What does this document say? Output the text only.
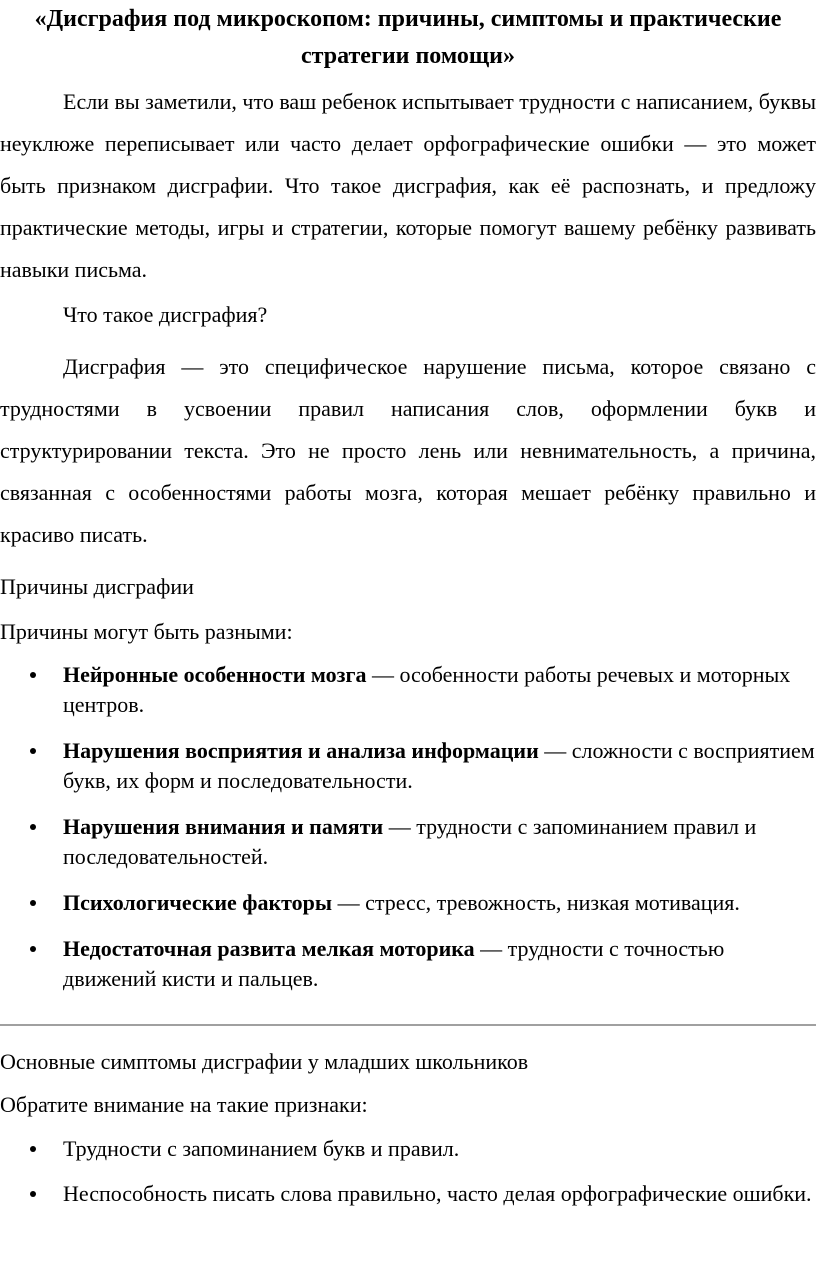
«Дисграфия под микроскопом: причины, симптомы и практические стратегии помощи»

Если вы заметили, что ваш ребенок испытывает трудности с написанием, буквы неуклюже переписывает или часто делает орфографические ошибки — это может быть признаком дисграфии. Что такое дисграфия, как её распознать, и предложу практические методы, игры и стратегии, которые помогут вашему ребёнку развивать навыки письма.

Что такое дисграфия?

Дисграфия — это специфическое нарушение письма, которое связано с трудностями в усвоении правил написания слов, оформлении букв и структурировании текста. Это не просто лень или невнимательность, а причина, связанная с особенностями работы мозга, которая мешает ребёнку правильно и красиво писать.

Причины дисграфии

Причины могут быть разными:

Нейронные особенности мозга — особенности работы речевых и моторных центров.
Нарушения восприятия и анализа информации — сложности с восприятием букв, их форм и последовательности.
Нарушения внимания и памяти — трудности с запоминанием правил и последовательностей.
Психологические факторы — стресс, тревожность, низкая мотивация.
Недостаточная развита мелкая моторика — трудности с точностью движений кисти и пальцев.

Основные симптомы дисграфии у младших школьников

Обратите внимание на такие признаки:

Трудности с запоминанием букв и правил.
Неспособность писать слова правильно, часто делая орфографические ошибки.
